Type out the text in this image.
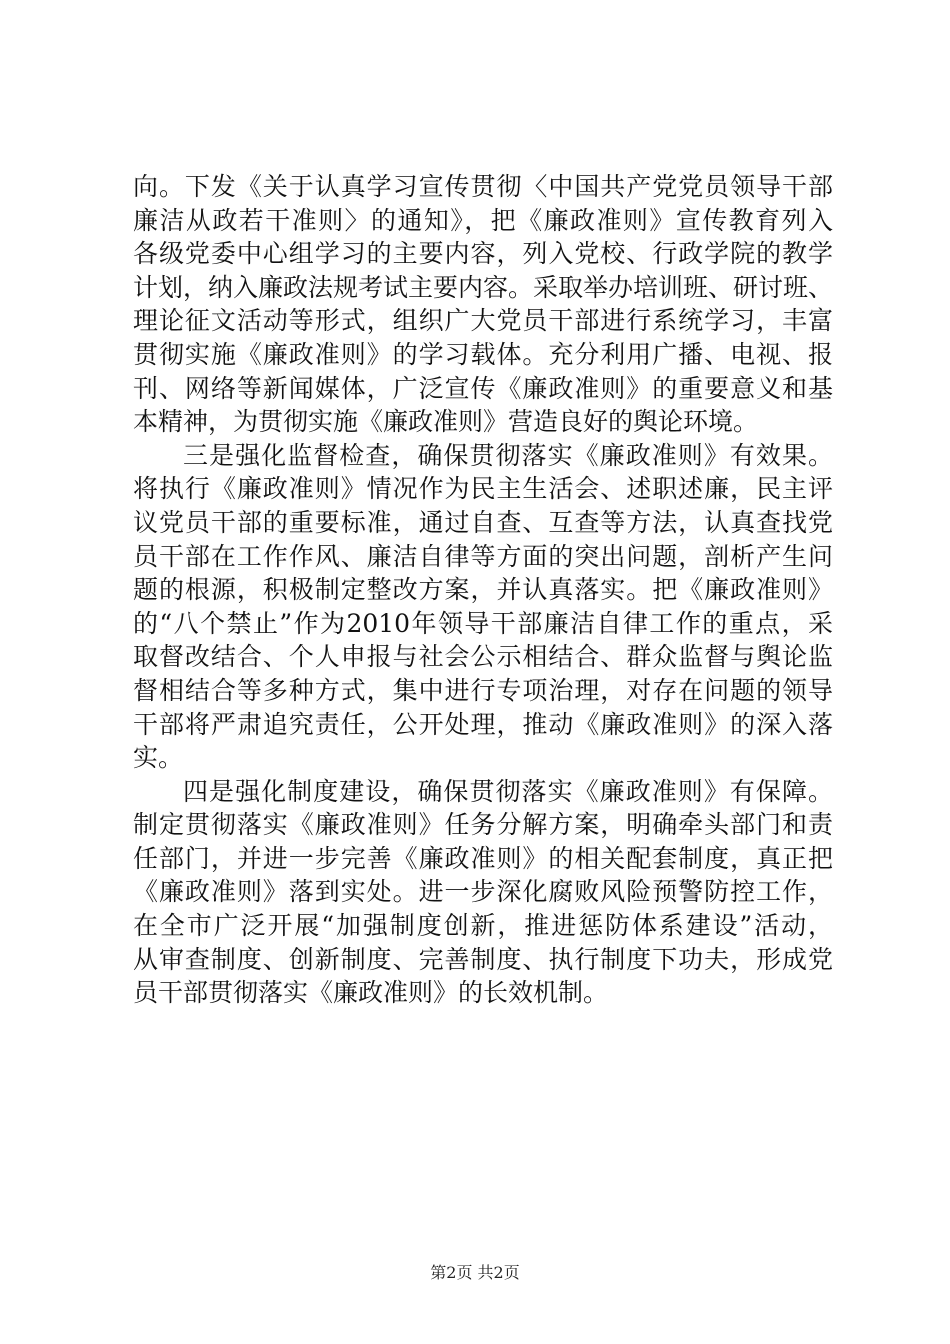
向。下发《关于认真学习宣传贯彻〈中国共产党党员领导干部
廉洁从政若干准则〉的通知》，把《廉政准则》宣传教育列入
各级党委中心组学习的主要内容，列入党校、行政学院的教学
计划，纳入廉政法规考试主要内容。采取举办培训班、研讨班、
理论征文活动等形式，组织广大党员干部进行系统学习，丰富
贯彻实施《廉政准则》的学习载体。充分利用广播、电视、报
刊、网络等新闻媒体，广泛宣传《廉政准则》的重要意义和基
本精神，为贯彻实施《廉政准则》营造良好的舆论环境。
三是强化监督检查，确保贯彻落实《廉政准则》有效果。
将执行《廉政准则》情况作为民主生活会、述职述廉，民主评
议党员干部的重要标准，通过自查、互查等方法，认真查找党
员干部在工作作风、廉洁自律等方面的突出问题，剖析产生问
题的根源，积极制定整改方案，并认真落实。把《廉政准则》
的“八个禁止”作为2010年领导干部廉洁自律工作的重点，采
取督改结合、个人申报与社会公示相结合、群众监督与舆论监
督相结合等多种方式，集中进行专项治理，对存在问题的领导
干部将严肃追究责任，公开处理，推动《廉政准则》的深入落
实。
四是强化制度建设，确保贯彻落实《廉政准则》有保障。
制定贯彻落实《廉政准则》任务分解方案，明确牵头部门和责
任部门，并进一步完善《廉政准则》的相关配套制度，真正把
《廉政准则》落到实处。进一步深化腐败风险预警防控工作，
在全市广泛开展“加强制度创新，推进惩防体系建设”活动，
从审查制度、创新制度、完善制度、执行制度下功夫，形成党
员干部贯彻落实《廉政准则》的长效机制。
第2页 共2页
